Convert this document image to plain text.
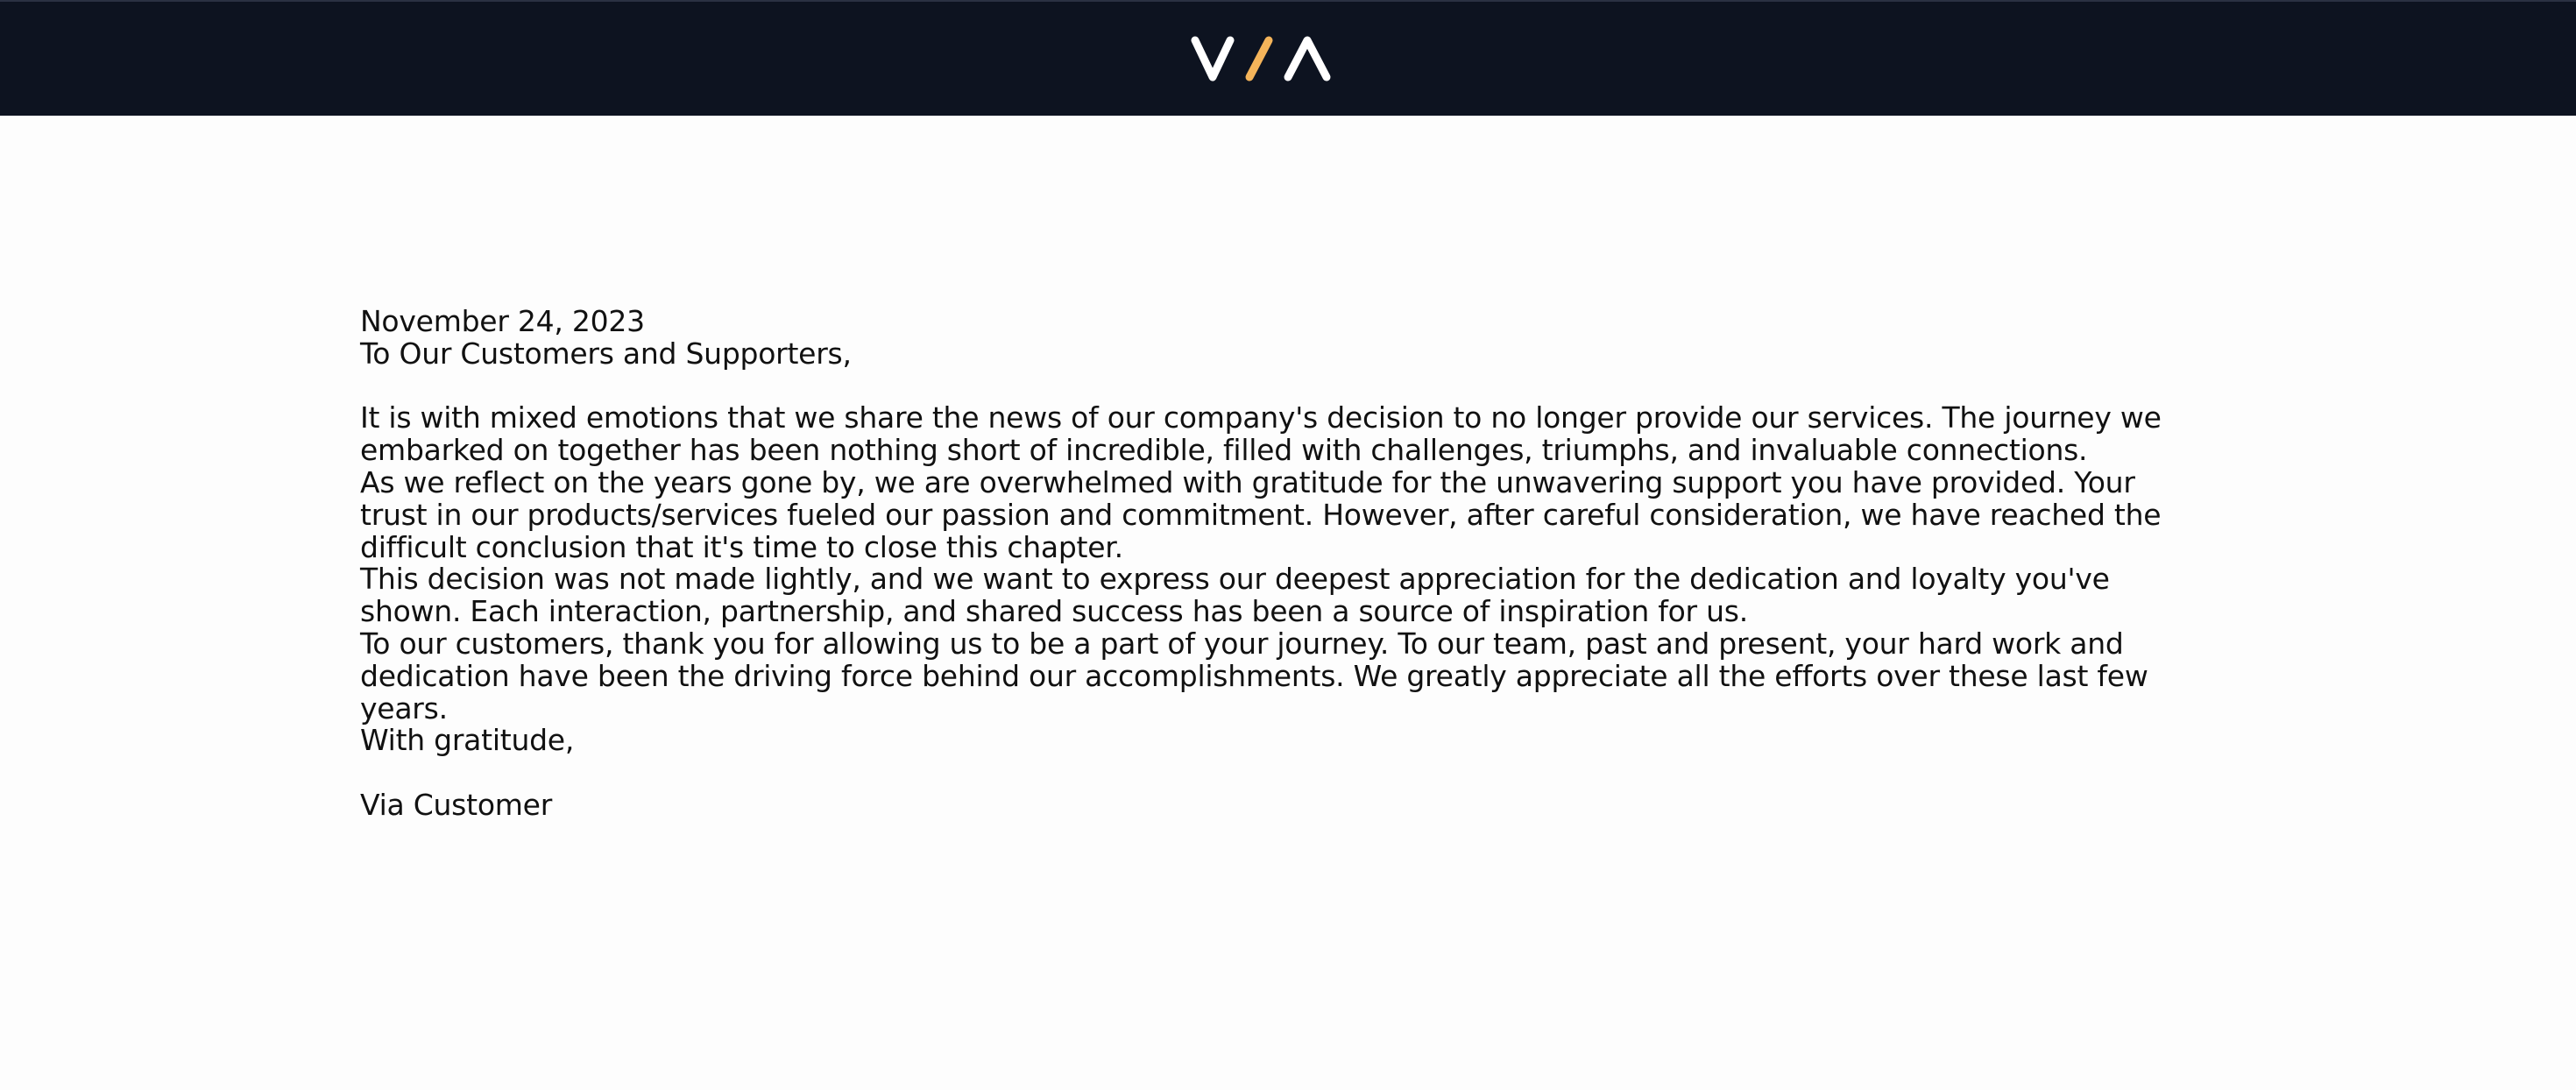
November 24, 2023

To Our Customers and Supporters,

It is with mixed emotions that we share the news of our company's decision to no longer provide our services. The journey we embarked on together has been nothing short of incredible, filled with challenges, triumphs, and invaluable connections.

As we reflect on the years gone by, we are overwhelmed with gratitude for the unwavering support you have provided. Your trust in our products/services fueled our passion and commitment. However, after careful consideration, we have reached the difficult conclusion that it's time to close this chapter.

This decision was not made lightly, and we want to express our deepest appreciation for the dedication and loyalty you've shown. Each interaction, partnership, and shared success has been a source of inspiration for us.

To our customers, thank you for allowing us to be a part of your journey. To our team, past and present, your hard work and dedication have been the driving force behind our accomplishments. We greatly appreciate all the efforts over these last few years.

With gratitude,

Via Customer
